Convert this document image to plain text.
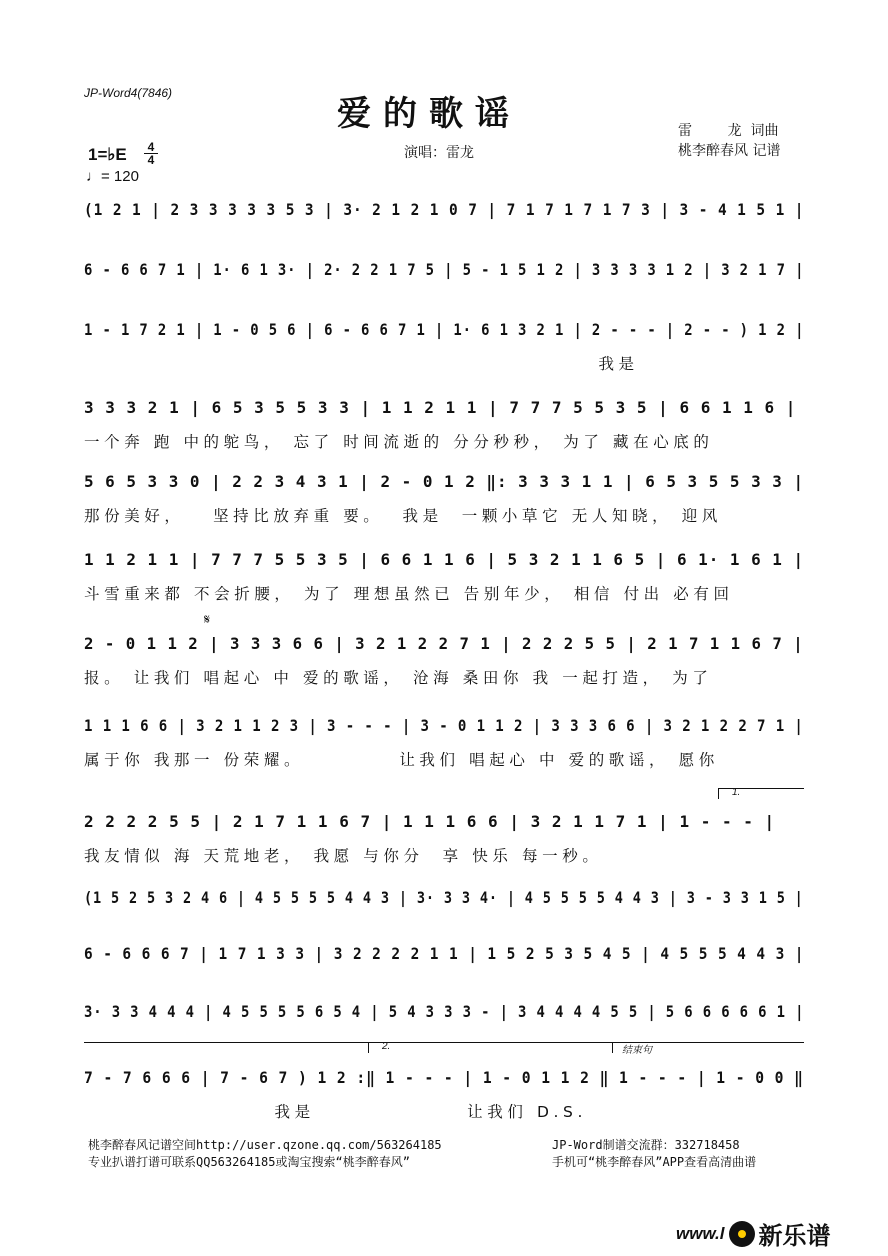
JP-Word4(7846)
爱的歌谣	雷        龙  词曲
桃李醉春风 记谱
演唱：雷龙
1=♭E	4
4
♩= 120
(1 2 1 | 2 3 3 3 3 3 5 3 | 3· 2 1 2 1 0 7 | 7 1 7 1 7 1 7 3 | 3 - 4 1 5 1 |
6 - 6 6 7 1 | 1· 6 1 3· | 2· 2 2 1 7 5 | 5 - 1 5 1 2 | 3 3 3 3 1 2 | 3 2 1 7 |
1 - 1 7 2 1 | 1 - 0 5 6 | 6 - 6 6 7 1 | 1· 6 1 3 2 1 | 2 - - - | 2 - - ) 1 2 |
我是
3 3 3 2 1 | 6 5 3 5 5 3 3 | 1 1 2 1 1 | 7 7 7 5 5 3 5 | 6 6 1 1 6 |
一个奔 跑 中的鸵鸟， 忘了 时间流逝的 分分秒秒， 为了 藏在心底的
5 6 5 3 3 0 | 2 2 3 4 3 1 | 2 - 0 1 2 ‖: 3 3 3 1 1 | 6 5 3 5 5 3 3 |
那份美好，   坚持比放弃重 要。  我是  一颗小草它 无人知晓， 迎风
1 1 2 1 1 | 7 7 7 5 5 3 5 | 6 6 1 1 6 | 5 3 2 1 1 6 5 | 6 1· 1 6 1 |
斗雪重来都 不会折腰， 为了 理想虽然已 告别年少， 相信 付出 必有回
2 - 0 1 1 2 | 3 3 3 6 6 | 3 2 1 2 2 7 1 | 2 2 2 5 5 | 2 1 7 1 1 6 7 |
报。 让我们 唱起心 中 爱的歌谣， 沧海 桑田你 我 一起打造， 为了
1 1 1 6 6 | 3 2 1 1 2 3 | 3 - - - | 3 - 0 1 1 2 | 3 3 3 6 6 | 3 2 1 2 2 7 1 |
属于你 我那一 份荣耀。          让我们 唱起心 中 爱的歌谣， 愿你
2 2 2 2 5 5 | 2 1 7 1 1 6 7 | 1 1 1 6 6 | 3 2 1 1 7 1 | 1 - - - |
我友情似 海 天荒地老， 我愿 与你分  享 快乐 每一秒。
(1 5 2 5 3 2 4 6 | 4 5 5 5 5 4 4 3 | 3· 3 3 4· | 4 5 5 5 5 4 4 3 | 3 - 3 3 1 5 |
6 - 6 6 6 7 | 1 7 1 3 3 | 3 2 2 2 2 1 1 | 1 5 2 5 3 5 4 5 | 4 5 5 5 4 4 3 |
3· 3 3 4 4 4 | 4 5 5 5 5 6 5 4 | 5 4 3 3 3 - | 3 4 4 4 4 5 5 | 5 6 6 6 6 6 1 |
7 - 7 6 6 6 | 7 - 6 7 ) 1 2 :‖ 1 - - - | 1 - 0 1 1 2 ‖ 1 - - - | 1 - 0 0 ‖
我是                让我们 D.S.
1.
2.	结束句
𝄋
桃李醉春风记谱空间http://user.qzone.qq.com/563264185
专业扒谱打谱可联系QQ563264185或淘宝搜索“桃李醉春风”
JP-Word制谱交流群：332718458
手机可“桃李醉春风”APP查看高清曲谱
www.l 新乐谱
